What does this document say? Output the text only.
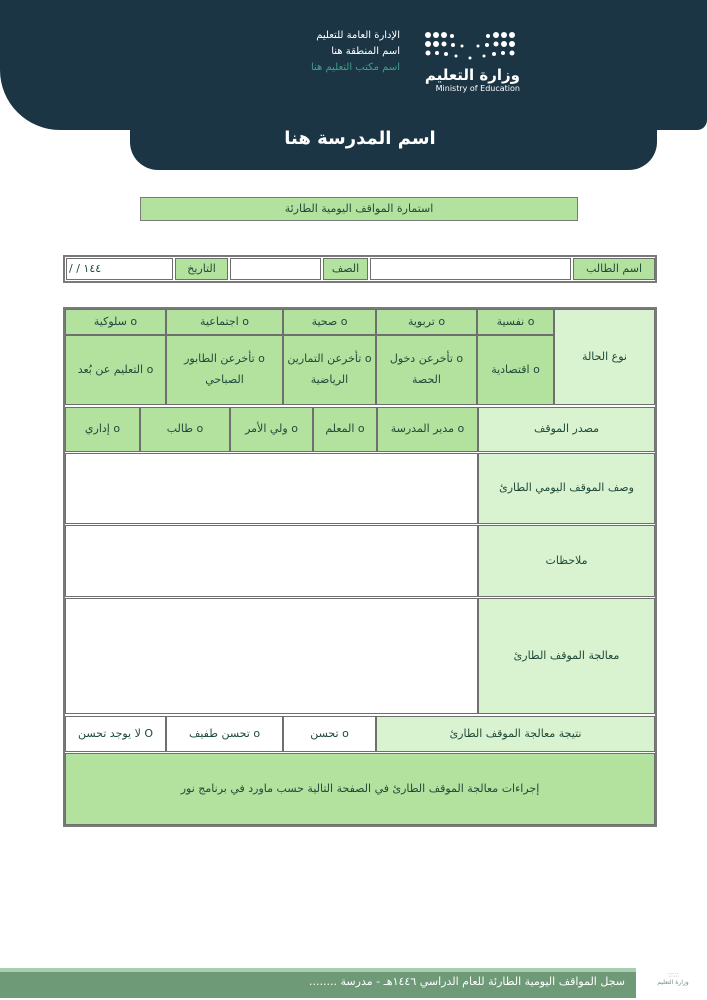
الإدارة العامة للتعليم
اسم المنطقة هنا
اسم مكتب التعليم هنا	وزارة التعليم
Ministry of Education
اسم المدرسة هنا
استمارة المواقف اليومية الطارئة
اسم الطالب
الصف
التاريخ
١٤٤ / /
نوع الحالة
o نفسية
o تربوية
o صحية
o اجتماعية
o سلوكية
o اقتصادية
o تأخرعن دخول الحصة
o تأخرعن التمارين الرياضية
o تأخرعن الطابور الصباحي
o التعليم عن بُعد
مصدر الموقف
o مدير المدرسة
o المعلم
o ولي الأمر
o طالب
o إداري
وصف الموقف اليومي الطارئ
ملاحظات
معالجة الموقف الطارئ
نتيجة معالجة الموقف الطارئ
o تحسن
o تحسن طفيف
O لا يوجد تحسن
إجراءات معالجة الموقف الطارئ في الصفحة التالية حسب ماورد في برنامج نور
سجل المواقف اليومية الطارئة للعام الدراسي ١٤٤٦هـ - مدرسة ........	∴∵∴∵
وزارة التعليم
